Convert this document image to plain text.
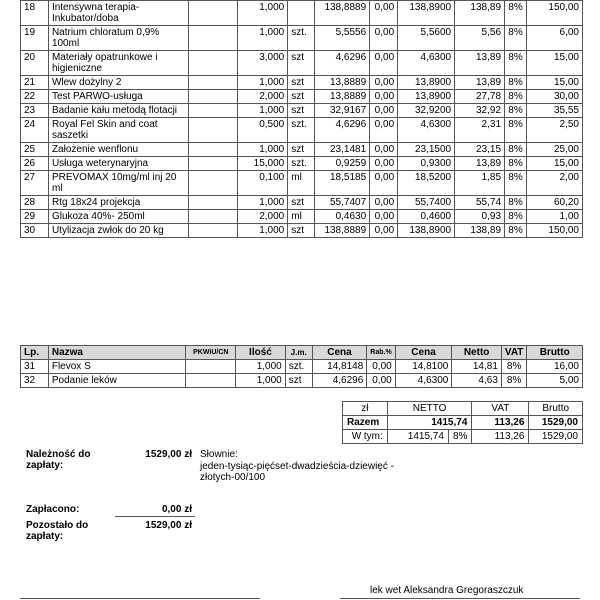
18	Intensywna terapia- Inkubator/doba		1,000		138,8889	0,00	138,8900	138,89	8%	150,00
19	Natrium chloratum 0,9% 100ml		1,000	szt.	5,5556	0,00	5,5600	5,56	8%	6,00
20	Materiały opatrunkowe i higieniczne		3,000	szt	4,6296	0,00	4,6300	13,89	8%	15,00
21	Wlew dożylny 2		1,000	szt	13,8889	0,00	13,8900	13,89	8%	15,00
22	Test PARWO-usługa		2,000	szt	13,8889	0,00	13,8900	27,78	8%	30,00
23	Badanie kału metodą flotacji		1,000	szt	32,9167	0,00	32,9200	32,92	8%	35,55
24	Royal Fel Skin and coat saszetki		0,500	szt.	4,6296	0,00	4,6300	2,31	8%	2,50
25	Założenie wenflonu		1,000	szt	23,1481	0,00	23,1500	23,15	8%	25,00
26	Usługa weterynaryjna		15,000	szt.	0,9259	0,00	0,9300	13,89	8%	15,00
27	PREVOMAX 10mg/ml inj 20 ml		0,100	ml	18,5185	0,00	18,5200	1,85	8%	2,00
28	Rtg 18x24 projekcja		1,000	szt	55,7407	0,00	55,7400	55,74	8%	60,20
29	Glukoza 40%- 250ml		2,000	ml	0,4630	0,00	0,4600	0,93	8%	1,00
30	Utylizacja zwłok do 20 kg		1,000	szt	138,8889	0,00	138,8900	138,89	8%	150,00
Lp.	Nazwa	PKWiU/CN	Ilość	J.m.	Cena	Rab.%	Cena	Netto	VAT	Brutto
31	Flevox S		1,000	szt.	14,8148	0,00	14,8100	14,81	8%	16,00
32	Podanie leków		1,000	szt	4,6296	0,00	4,6300	4,63	8%	5,00
zł	NETTO		VAT	Brutto
Razem	1415,74		113,26	1529,00
W tym:	1415,74	8%	113,26	1529,00
Należność do zapłaty:
1529,00 zł Słownie:
jeden-tysiąc-pięćset-dwadzieścia-dziewięć -złotych-00/100
Zapłacono:	0,00 zł
Pozostało do zapłaty:
1529,00 zł
lek wet Aleksandra Gregoraszczuk
